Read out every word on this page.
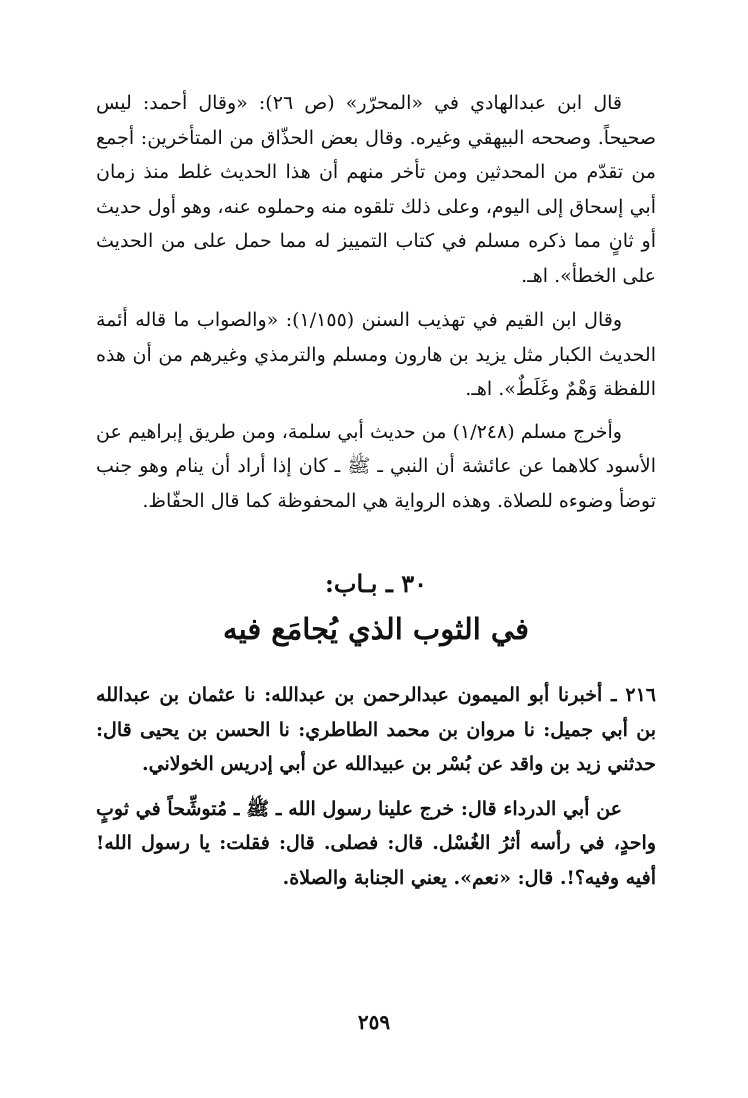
قال ابن عبدالهادي في «المحرّر» (ص ٢٦): «وقال أحمد: ليس صحيحاً. وصححه البيهقي وغيره. وقال بعض الحذّاق من المتأخرين: أجمع من تقدّم من المحدثين ومن تأخر منهم أن هذا الحديث غلط منذ زمان أبي إسحاق إلى اليوم، وعلى ذلك تلقوه منه وحملوه عنه، وهو أول حديث أو ثانٍ مما ذكره مسلم في كتاب التمييز له مما حمل على من الحديث على الخطأ». اهـ.

وقال ابن القيم في تهذيب السنن (١/١٥٥): «والصواب ما قاله أئمة الحديث الكبار مثل يزيد بن هارون ومسلم والترمذي وغيرهم من أن هذه اللفظة وَهْمٌ وغَلَطٌ». اهـ.

وأخرج مسلم (١/٢٤٨) من حديث أبي سلمة، ومن طريق إبراهيم عن الأسود كلاهما عن عائشة أن النبي ـ ﷺ ـ كان إذا أراد أن ينام وهو جنب توضأ وضوءه للصلاة. وهذه الرواية هي المحفوظة كما قال الحفّاظ.

٣٠ ـ بـاب:

في الثوب الذي يُجامَع فيه

٢١٦ ـ أخبرنا أبو الميمون عبدالرحمن بن عبدالله: نا عثمان بن عبدالله بن أبي جميل: نا مروان بن محمد الطاطري: نا الحسن بن يحيى قال: حدثني زيد بن واقد عن بُسْر بن عبيدالله عن أبي إدريس الخولاني.

عن أبي الدرداء قال: خرج علينا رسول الله ـ ﷺ ـ مُتوشِّحاً في ثوبٍ واحدٍ، في رأسه أثرُ الغُسْل. قال: فصلى. قال: فقلت: يا رسول الله! أفيه وفيه؟!. قال: «نعم». يعني الجنابة والصلاة.

٢٥٩
